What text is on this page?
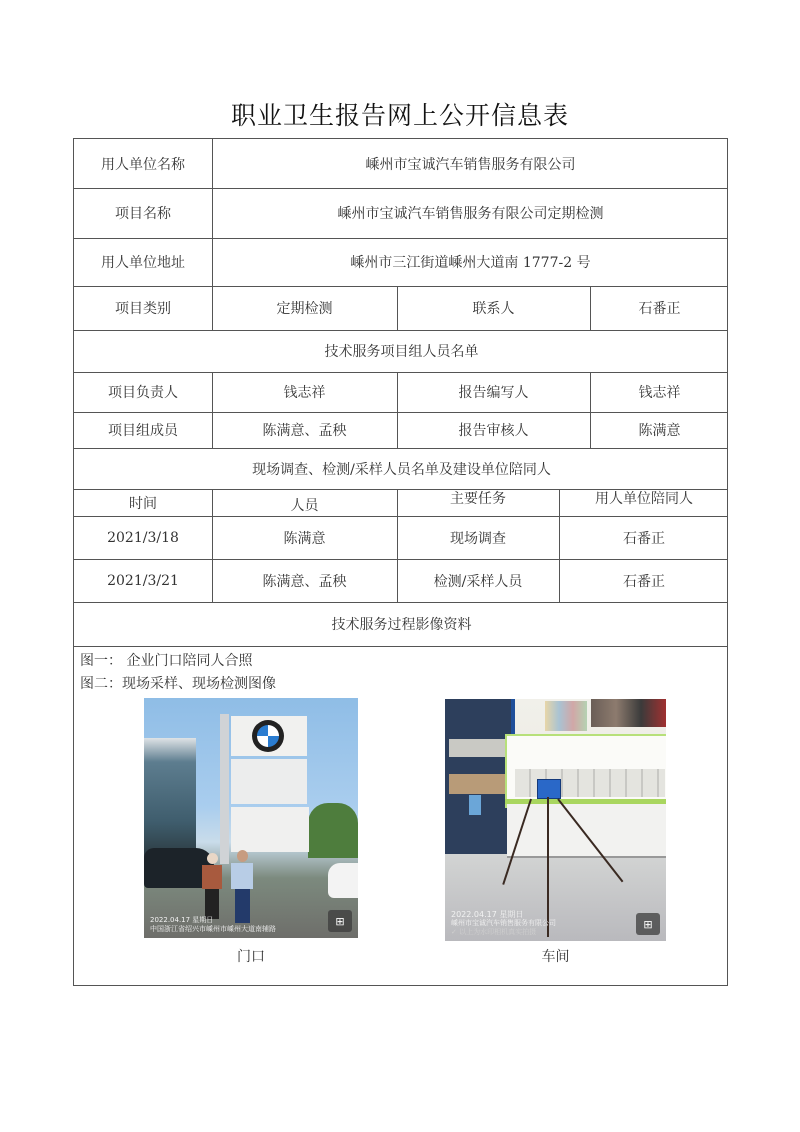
职业卫生报告网上公开信息表
用人单位名称	嵊州市宝诚汽车销售服务有限公司
项目名称	嵊州市宝诚汽车销售服务有限公司定期检测
用人单位地址	嵊州市三江街道嵊州大道南 1777-2 号
项目类别	定期检测	联系人	石番正
技术服务项目组人员名单
项目负责人	钱志祥	报告编写人	钱志祥
项目组成员	陈满意、孟秧	报告审核人	陈满意
现场调查、检测/采样人员名单及建设单位陪同人
时间	人员	主要任务	用人单位陪同人
2021/3/18	陈满意	现场调查	石番正
2021/3/21	陈满意、孟秧	检测/采样人员	石番正
技术服务过程影像资料
图一： 企业门口陪同人合照
图二：现场采样、现场检测图像
2022.04.17 星期日
中国浙江省绍兴市嵊州市嵊州大道南辅路
⊞
门口
2022.04.17 星期日
嵊州市宝诚汽车销售服务有限公司
✓ 以上为水印相机真实拍摄
⊞
车间
